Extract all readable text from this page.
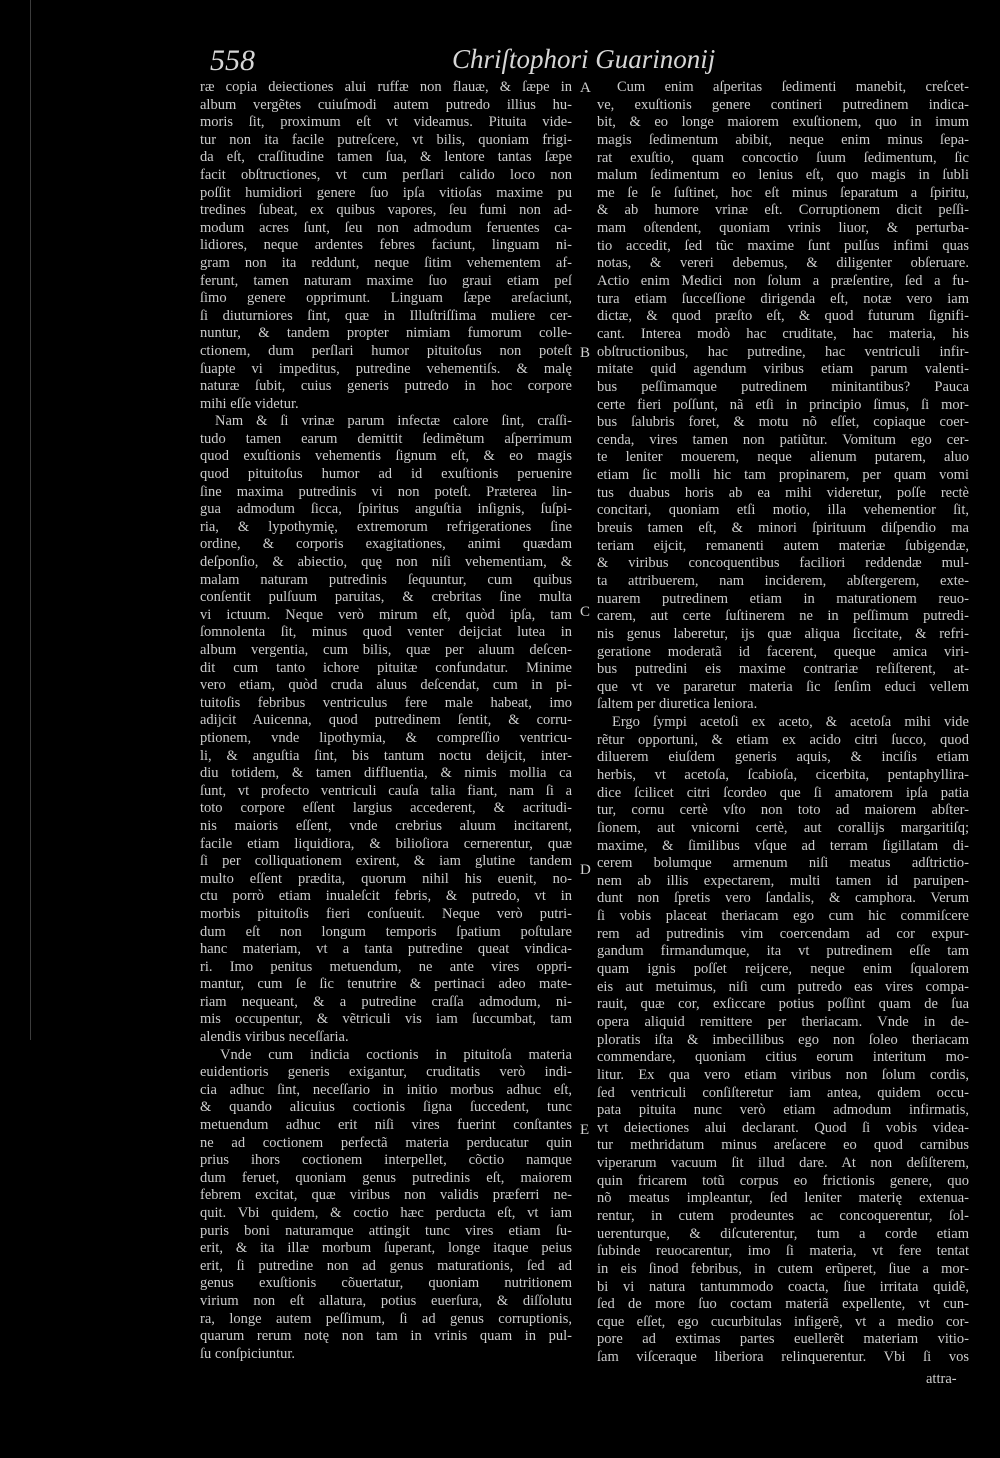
558	Chriſtophori Guarinonij
ræ copia deiectiones alui ruffæ non flauæ, & ſæpe in
album vergẽtes cuiuſmodi autem putredo illius hu-
moris ſit, proximum eſt vt videamus. Pituita vide-
tur non ita facile putreſcere, vt bilis, quoniam frigi-
da eſt, craſſitudine tamen ſua, & lentore tantas ſæpe
facit obſtructiones, vt cum perſlari calido loco non
poſſit humidiori genere ſuo ipſa vitioſas maxime pu
tredines ſubeat, ex quibus vapores, ſeu fumi non ad-
modum acres ſunt, ſeu non admodum feruentes ca-
lidiores, neque ardentes febres faciunt, linguam ni-
gram non ita reddunt, neque ſitim vehementem af-
ferunt, tamen naturam maxime ſuo graui etiam peſ
ſimo genere opprimunt. Linguam ſæpe areſaciunt,
ſi diuturniores ſint, quæ in Illuſtriſſima muliere cer-
nuntur, & tandem propter nimiam fumorum colle-
ctionem, dum perſlari humor pituitoſus non poteſt
ſuapte vi impeditus, putredine vehementiſs. & malę
naturæ ſubit, cuius generis putredo in hoc corpore
mihi eſſe videtur.
Nam & ſi vrinæ parum infectæ calore ſint, craſſi-
tudo tamen earum demittit ſedimẽtum aſperrimum
quod exuſtionis vehementis ſignum eſt, & eo magis
quod pituitoſus humor ad id exuſtionis peruenire
ſine maxima putredinis vi non poteſt. Præterea lin-
gua admodum ſicca, ſpiritus anguſtia inſignis, ſuſpi-
ria, & lypothymię, extremorum refrigerationes ſine
ordine, & corporis exagitationes, animi quædam
deſponſio, & abiectio, quę non niſi vehementiam, &
malam naturam putredinis ſequuntur, cum quibus
conſentit pulſuum paruitas, & crebritas ſine multa
vi ictuum. Neque verò mirum eſt, quòd ipſa, tam
ſomnolenta ſit, minus quod venter deijciat lutea in
album vergentia, cum bilis, quæ per aluum deſcen-
dit cum tanto ichore pituitæ confundatur. Minime
vero etiam, quòd cruda aluus deſcendat, cum in pi-
tuitoſis febribus ventriculus fere male habeat, imo
adijcit Auicenna, quod putredinem ſentit, & corru-
ptionem, vnde lipothymia, & compreſſio ventricu-
li, & anguſtia ſint, bis tantum noctu deijcit, inter-
diu totidem, & tamen diffluentia, & nimis mollia ca
ſunt, vt profecto ventriculi cauſa talia fiant, nam ſi a
toto corpore eſſent largius accederent, & acritudi-
nis maioris eſſent, vnde crebrius aluum incitarent,
facile etiam liquidiora, & bilioſiora cernerentur, quæ
ſi per colliquationem exirent, & iam glutine tandem
multo eſſent prædita, quorum nihil his euenit, no-
ctu porrò etiam inualeſcit febris, & putredo, vt in
morbis pituitoſis fieri conſueuit. Neque verò putri-
dum eſt non longum temporis ſpatium poſtulare
hanc materiam, vt a tanta putredine queat vindica-
ri. Imo penitus metuendum, ne ante vires oppri-
mantur, cum ſe ſic tenutrire & pertinaci adeo mate-
riam nequeant, & a putredine craſſa admodum, ni-
mis occupentur, & vẽtriculi vis iam ſuccumbat, tam
alendis viribus neceſſaria.
Vnde cum indicia coctionis in pituitoſa materia
euidentioris generis exigantur, cruditatis verò indi-
cia adhuc ſint, neceſſario in initio morbus adhuc eſt,
& quando alicuius coctionis ſigna ſuccedent, tunc
metuendum adhuc erit niſi vires fuerint conſtantes
ne ad coctionem perfectã materia perducatur quin
prius ihors coctionem interpellet, cõctio namque
dum feruet, quoniam genus putredinis eſt, maiorem
febrem excitat, quæ viribus non validis præferri ne-
quit. Vbi quidem, & coctio hæc perducta eſt, vt iam
puris boni naturamque attingit tunc vires etiam ſu-
erit, & ita illæ morbum ſuperant, longe itaque peius
erit, ſi putredine non ad genus maturationis, ſed ad
genus exuſtionis cõuertatur, quoniam nutritionem
virium non eſt allatura, potius euerſura, & diſſolutu
ra, longe autem peſſimum, ſi ad genus corruptionis,
quarum rerum notę non tam in vrinis quam in pul-
ſu conſpiciuntur.
Cum enim aſperitas ſedimenti manebit, creſcet-
ve, exuſtionis genere contineri putredinem indica-
bit, & eo longe maiorem exuſtionem, quo in imum
magis ſedimentum abibit, neque enim minus ſepa-
rat exuſtio, quam concoctio ſuum ſedimentum, ſic
malum ſedimentum eo lenius eſt, quo magis in ſubli
me ſe ſe ſuſtinet, hoc eſt minus ſeparatum a ſpiritu,
& ab humore vrinæ eſt. Corruptionem dicit peſſi-
mam oſtendent, quoniam vrinis liuor, & perturba-
tio accedit, ſed tũc maxime ſunt pulſus infimi quas
notas, & vereri debemus, & diligenter obſeruare.
Actio enim Medici non ſolum a præſentire, ſed a fu-
tura etiam ſucceſſione dirigenda eſt, notæ vero iam
dictæ, & quod præſto eſt, & quod futurum ſignifi-
cant. Interea modò hac cruditate, hac materia, his
obſtructionibus, hac putredine, hac ventriculi infir-
mitate quid agendum viribus etiam parum valenti-
bus peſſimamque putredinem minitantibus? Pauca
certe fieri poſſunt, nã etſi in principio ſimus, ſi mor-
bus ſalubris foret, & motu nõ eſſet, copiaque coer-
cenda, vires tamen non patiũtur. Vomitum ego cer-
te leniter mouerem, neque alienum putarem, aluo
etiam ſic molli hic tam propinarem, per quam vomi
tus duabus horis ab ea mihi videretur, poſſe rectè
concitari, quoniam etſi motio, illa vehementior ſit,
breuis tamen eſt, & minori ſpirituum diſpendio ma
teriam eijcit, remanenti autem materiæ ſubigendæ,
& viribus concoquentibus faciliori reddendæ mul-
ta attribuerem, nam inciderem, abſtergerem, exte-
nuarem putredinem etiam in maturationem reuo-
carem, aut certe ſuſtinerem ne in peſſimum putredi-
nis genus laberetur, ijs quæ aliqua ſiccitate, & refri-
geratione moderatã id facerent, queque amica viri-
bus putredini eis maxime contrariæ reſiſterent, at-
que vt ve pararetur materia ſic ſenſim educi vellem
ſaltem per diuretica leniora.
Ergo ſympi acetoſi ex aceto, & acetoſa mihi vide
rẽtur opportuni, & etiam ex acido citri ſucco, quod
diluerem eiuſdem generis aquis, & inciſis etiam
herbis, vt acetoſa, ſcabioſa, cicerbita, pentaphyllira-
dice ſcilicet citri ſcordeo que ſi amatorem ipſa patia
tur, cornu certè vſto non toto ad maiorem abſter-
ſionem, aut vnicorni certè, aut corallijs margaritiſq;
maxime, & ſimilibus vſque ad terram ſigillatam di-
cerem bolumque armenum niſi meatus adſtrictio-
nem ab illis expectarem, multi tamen id paruipen-
dunt non ſpretis vero ſandalis, & camphora. Verum
ſi vobis placeat theriacam ego cum hic commiſcere
rem ad putredinis vim coercendam ad cor expur-
gandum firmandumque, ita vt putredinem eſſe tam
quam ignis poſſet reijcere, neque enim ſqualorem
eis aut metuimus, niſi cum putredo eas vires compa-
rauit, quæ cor, exſiccare potius poſſint quam de ſua
opera aliquid remittere per theriacam. Vnde in de-
ploratis iſta & imbecillibus ego non ſoleo theriacam
commendare, quoniam citius eorum interitum mo-
litur. Ex qua vero etiam viribus non ſolum cordis,
ſed ventriculi conſiſteretur iam antea, quidem occu-
pata pituita nunc verò etiam admodum infirmatis,
vt deiectiones alui declarant. Quod ſi vobis videa-
tur methridatum minus areſacere eo quod carnibus
viperarum vacuum ſit illud dare. At non deſiſterem,
quin fricarem totũ corpus eo frictionis genere, quo
nõ meatus impleantur, ſed leniter materię extenua-
rentur, in cutem prodeuntes ac concoquerentur, ſol-
uerenturque, & diſcuterentur, tum a corde etiam
ſubinde reuocarentur, imo ſi materia, vt fere tentat
in eis ſinod febribus, in cutem erũperet, ſiue a mor-
bi vi natura tantummodo coacta, ſiue irritata quidẽ,
ſed de more ſuo coctam materiã expellente, vt cun-
cque eſſet, ego cucurbitulas infigerẽ, vt a medio cor-
pore ad extimas partes euellerẽt materiam vitio-
ſam viſceraque liberiora relinquerentur. Vbi ſi vos
A
B
C
D
E
attra-
